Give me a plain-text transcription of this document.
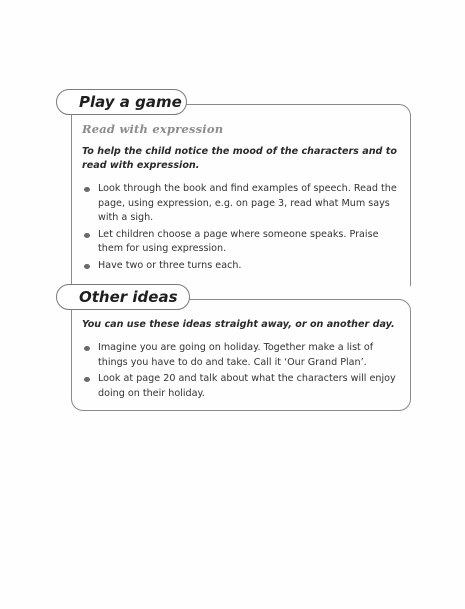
Play a game
Read with expression

To help the child notice the mood of the characters and to read with expression.

Look through the book and find examples of speech. Read the page, using expression, e.g. on page 3, read what Mum says with a sigh.
Let children choose a page where someone speaks. Praise them for using expression.
Have two or three turns each.
Other ideas

You can use these ideas straight away, or on another day.

Imagine you are going on holiday. Together make a list of things you have to do and take. Call it ‘Our Grand Plan’.
Look at page 20 and talk about what the characters will enjoy doing on their holiday.
